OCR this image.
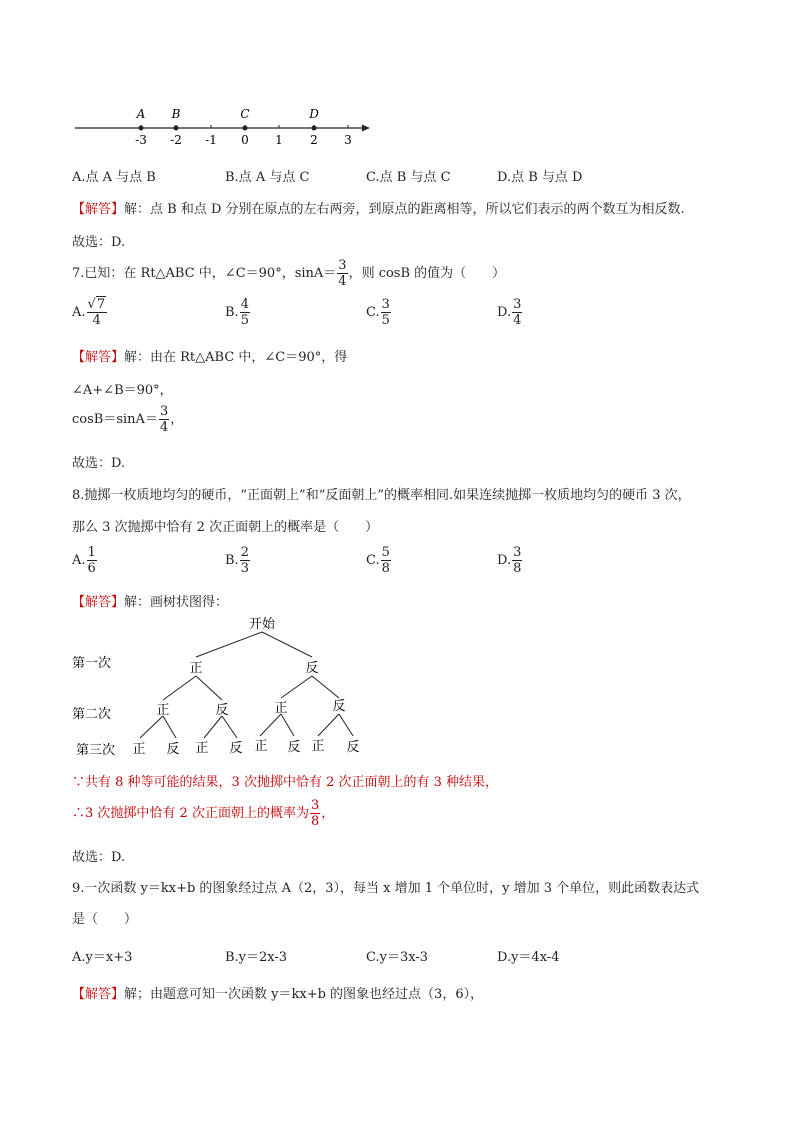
A B	C	D
-3 -2 -1 0 1 2 3
A.点 A 与点 B	B.点 A 与点 C	C.点 B 与点 C	D.点 B 与点 D
【解答】解：点 B 和点 D 分别在原点的左右两旁，到原点的距离相等，所以它们表示的两个数互为相反数.
故选：D.
7.已知：在 Rt△ABC 中，∠C＝90°，$\sin A= \frac{3}{4}$ ，则 cosB 的值为（　　）
A. $\frac{√7}{4}$	B. $\frac{4}{5}$	C. $\frac{3}{5}$	D. $\frac{3}{4}$
【解答】解：由在 Rt△ABC 中，∠C＝90°，得
∠A+∠B＝90°，
$\cos B=\sin A= \frac{3}{4}$ ，
故选：D.
8.抛掷一枚质地均匀的硬币，“正面朝上”和“反面朝上”的概率相同.如果连续抛掷一枚质地均匀的硬币 3 次，
那么 3 次抛掷中恰有 2 次正面朝上的概率是（　　）
A. $\frac{1}{6}$	B. $\frac{2}{3}$	C. $\frac{5}{8}$	D. $\frac{3}{8}$
【解答】解：画树状图得：
开始
第一次
第二次
第三次
正	反
正	反	正	反
正 反 正 反 正 反 正 反
∵共有 8 种等可能的结果，3 次抛掷中恰有 2 次正面朝上的有 3 种结果，
∴3 次抛掷中恰有 2 次正面朝上的概率为 $\frac{3}{8}$ ，
故选：D.
9.一次函数 y＝kx+b 的图象经过点 A（2，3），每当 x 增加 1 个单位时，y 增加 3 个单位，则此函数表达式
是（　　）
A.y＝x+3	B.y＝2x-3	C.y＝3x-3	D.y＝4x-4
【解答】解；由题意可知一次函数 y＝kx+b 的图象也经过点（3，6），
